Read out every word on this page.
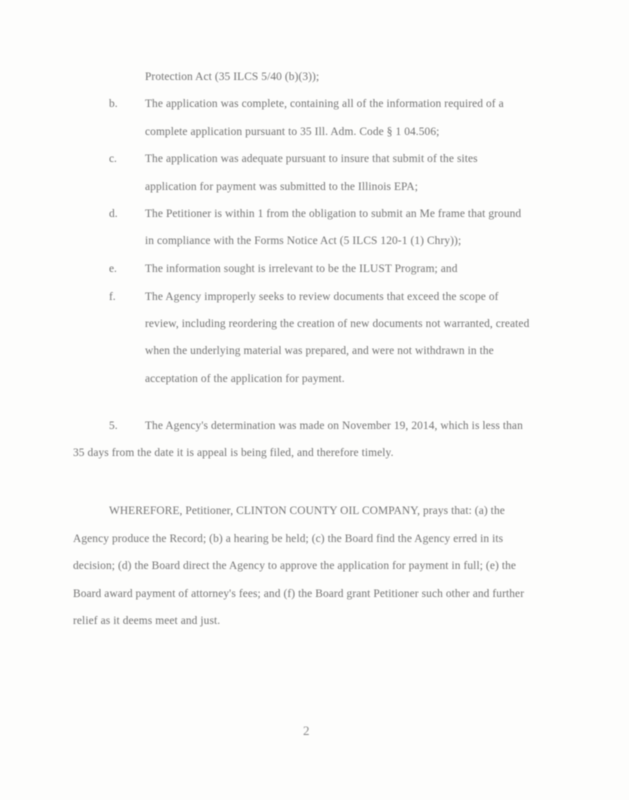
Protection Act (35 ILCS 5/40 (b)(3));
b. The application was complete, containing all of the information required of a
complete application pursuant to 35 Ill. Adm. Code § 1 04.506;
c. The application was adequate pursuant to insure that submit of the sites
application for payment was submitted to the Illinois EPA;
d. The Petitioner is within 1 from the obligation to submit an Me frame that ground
in compliance with the Forms Notice Act (5 ILCS 120-1 (1) Chry));
e. The information sought is irrelevant to be the ILUST Program; and
f.	The Agency improperly seeks to review documents that exceed the scope of
review, including reordering the creation of new documents not warranted, created
when the underlying material was prepared, and were not withdrawn in the
acceptation of the application for payment.
5. The Agency's determination was made on November 19, 2014, which is less than
35 days from the date it is appeal is being filed, and therefore timely.
WHEREFORE, Petitioner, CLINTON COUNTY OIL COMPANY, prays that: (a) the
Agency produce the Record; (b) a hearing be held; (c) the Board find the Agency erred in its
decision; (d) the Board direct the Agency to approve the application for payment in full; (e) the
Board award payment of attorney's fees; and (f) the Board grant Petitioner such other and further
relief as it deems meet and just.
2
